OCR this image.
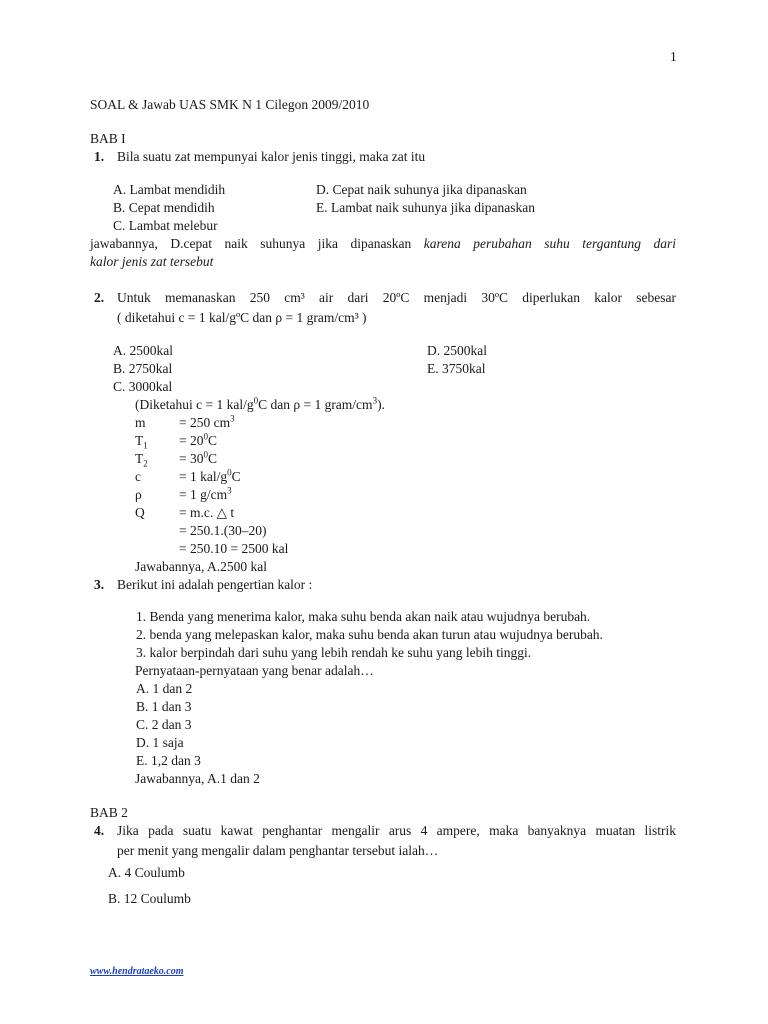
1
SOAL & Jawab UAS SMK N 1 Cilegon 2009/2010
BAB I
1. Bila suatu zat mempunyai kalor jenis tinggi, maka zat itu
A. Lambat mendidih
B. Cepat mendidih
C. Lambat melebur
D. Cepat naik suhunya jika dipanaskan
E. Lambat naik suhunya jika dipanaskan
jawabannya, D.cepat naik suhunya jika dipanaskan karena perubahan suhu tergantung dari
kalor jenis zat tersebut
2. Untuk memanaskan 250 cm³ air dari 20ºC menjadi 30ºC diperlukan kalor sebesar
( diketahui c = 1 kal/gºC dan ρ = 1 gram/cm³ )
A. 2500kal
B. 2750kal
C. 3000kal
D. 2500kal
E. 3750kal
(Diketahui c = 1 kal/$g^0C$ dan ρ = 1 gram/$cm^3$).
m = 250 $cm^3$
$T_1 = 20^0C$
$T_2 = 30^0C$
c	= 1 kal/$g^0C$
ρ	= 1 $g/cm^3$
Q	= m.c. △ t
= 250.1.(30–20)
= 250.10 = 2500 kal
Jawabannya, A.2500 kal
3. Berikut ini adalah pengertian kalor :
1. Benda yang menerima kalor, maka suhu benda akan naik atau wujudnya berubah.
2. benda yang melepaskan kalor, maka suhu benda akan turun atau wujudnya berubah.
3. kalor berpindah dari suhu yang lebih rendah ke suhu yang lebih tinggi.
Pernyataan-pernyataan yang benar adalah…
A. 1 dan 2
B. 1 dan 3
C. 2 dan 3
D. 1 saja
E. 1,2 dan 3
Jawabannya, A.1 dan 2
BAB 2
4. Jika pada suatu kawat penghantar mengalir arus 4 ampere, maka banyaknya muatan listrik
per menit yang mengalir dalam penghantar tersebut ialah…
A. 4 Coulumb
B. 12 Coulumb
www.hendrataeko.com
